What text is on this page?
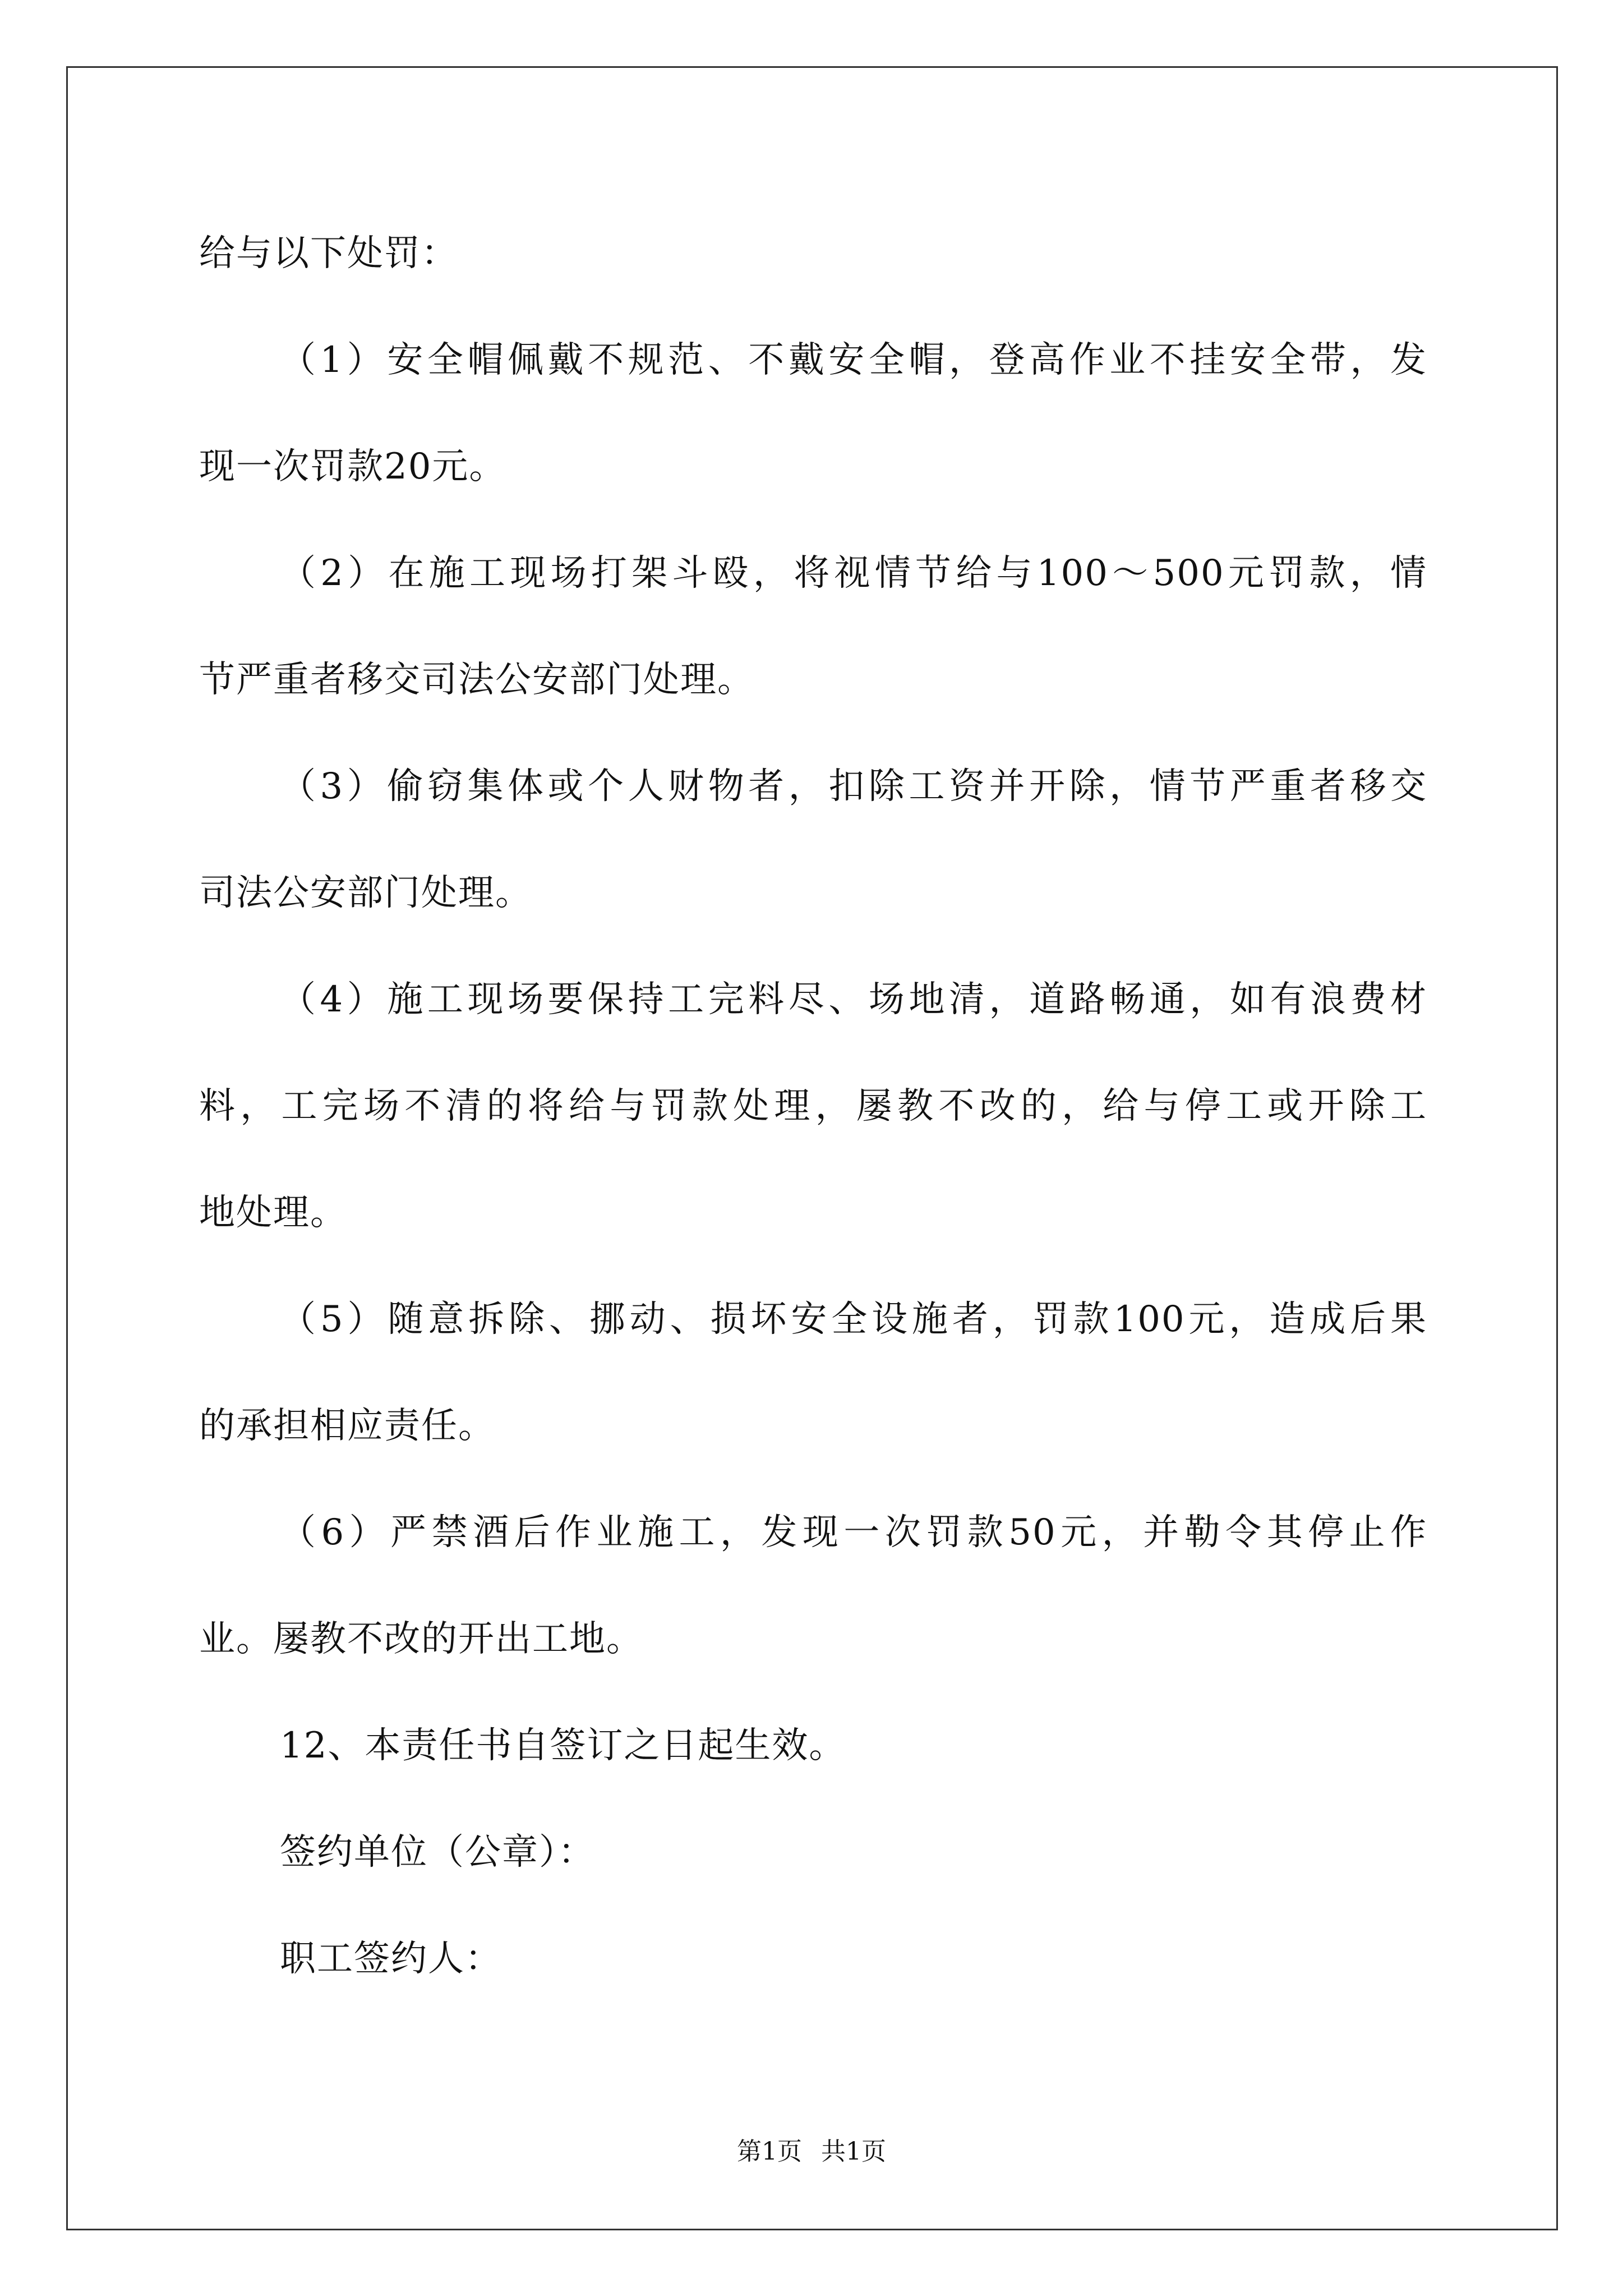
给与以下处罚：
（1）安全帽佩戴不规范、不戴安全帽，登高作业不挂安全带，发
现一次罚款20元。
（2）在施工现场打架斗殴，将视情节给与100～500元罚款，情
节严重者移交司法公安部门处理。
（3）偷窃集体或个人财物者，扣除工资并开除，情节严重者移交
司法公安部门处理。
（4）施工现场要保持工完料尽、场地清，道路畅通，如有浪费材
料，工完场不清的将给与罚款处理，屡教不改的，给与停工或开除工
地处理。
（5）随意拆除、挪动、损坏安全设施者，罚款100元，造成后果
的承担相应责任。
（6）严禁酒后作业施工，发现一次罚款50元，并勒令其停止作
业。屡教不改的开出工地。
12、本责任书自签订之日起生效。
签约单位（公章）：
职工签约人：
第1页 共1页
